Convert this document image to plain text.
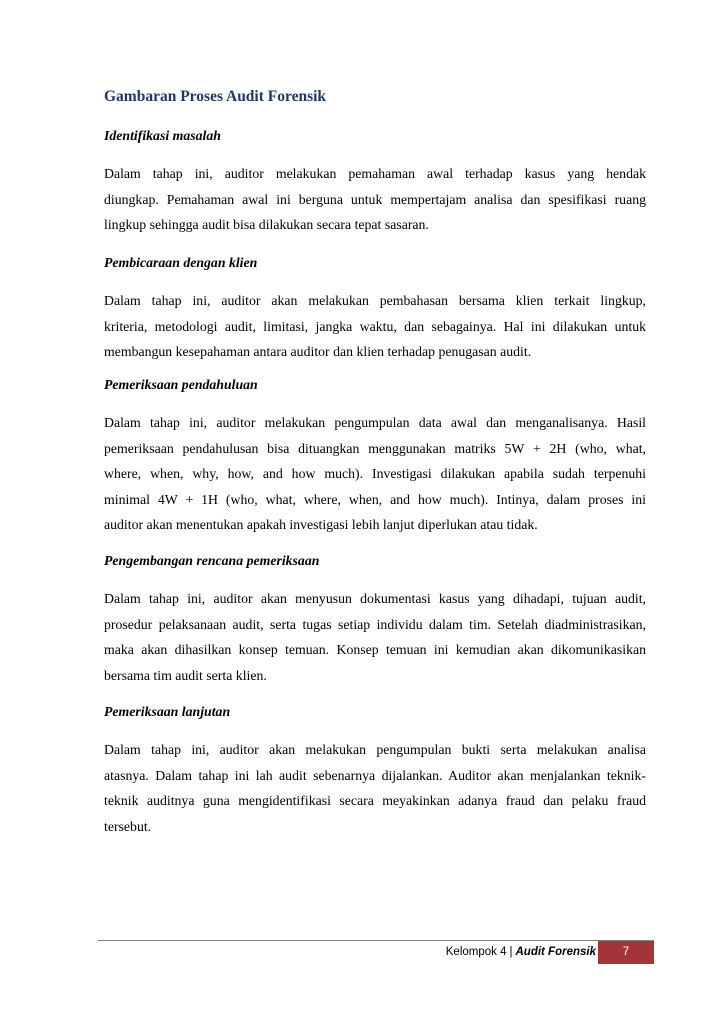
Gambaran Proses Audit Forensik
Identifikasi masalah
Dalam tahap ini, auditor melakukan pemahaman awal terhadap kasus yang hendak
diungkap. Pemahaman awal ini berguna untuk mempertajam analisa dan spesifikasi ruang
lingkup sehingga audit bisa dilakukan secara tepat sasaran.
Pembicaraan dengan klien
Dalam tahap ini, auditor akan melakukan pembahasan bersama klien terkait lingkup,
kriteria, metodologi audit, limitasi, jangka waktu, dan sebagainya. Hal ini dilakukan untuk
membangun kesepahaman antara auditor dan klien terhadap penugasan audit.
Pemeriksaan pendahuluan
Dalam tahap ini, auditor melakukan pengumpulan data awal dan menganalisanya. Hasil
pemeriksaan pendahulusan bisa dituangkan menggunakan matriks 5W + 2H (who, what,
where, when, why, how, and how much). Investigasi dilakukan apabila sudah terpenuhi
minimal 4W + 1H (who, what, where, when, and how much). Intinya, dalam proses ini
auditor akan menentukan apakah investigasi lebih lanjut diperlukan atau tidak.
Pengembangan rencana pemeriksaan
Dalam tahap ini, auditor akan menyusun dokumentasi kasus yang dihadapi, tujuan audit,
prosedur pelaksanaan audit, serta tugas setiap individu dalam tim. Setelah diadministrasikan,
maka akan dihasilkan konsep temuan. Konsep temuan ini kemudian akan dikomunikasikan
bersama tim audit serta klien.
Pemeriksaan lanjutan
Dalam tahap ini, auditor akan melakukan pengumpulan bukti serta melakukan analisa
atasnya. Dalam tahap ini lah audit sebenarnya dijalankan. Auditor akan menjalankan teknik-
teknik auditnya guna mengidentifikasi secara meyakinkan adanya fraud dan pelaku fraud
tersebut.
Kelompok 4 | Audit Forensik	7
